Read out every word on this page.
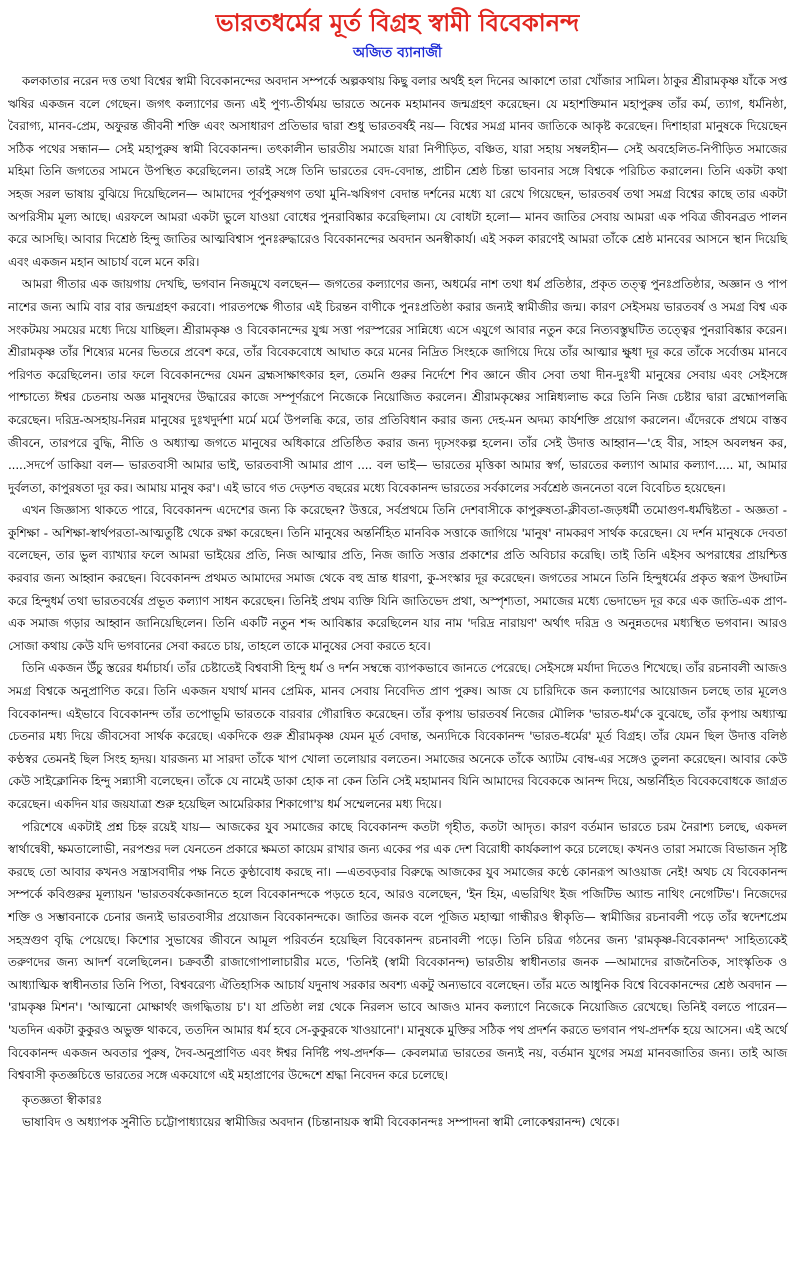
ভারতধর্মের মূর্ত বিগ্রহ স্বামী বিবেকানন্দ
অজিত ব্যানার্জী

কলকাতার নরেন দত্ত তথা বিশ্বের স্বামী বিবেকানন্দের অবদান সম্পর্কে অল্পকথায় কিছু বলার অর্থই হল দিনের আকাশে তারা খোঁজার সামিল। ঠাকুর শ্রীরামকৃষ্ণ যাঁকে সপ্ত ঋষির একজন বলে গেছেন। জগৎ কল্যাণের জন্য এই পুণ্য-তীর্থময় ভারতে অনেক মহামানব জন্মগ্রহণ করেছেন। যে মহাশক্তিমান মহাপুরুষ তাঁর কর্ম, ত্যাগ, ধর্মনিষ্ঠা, বৈরাগ্য, মানব-প্রেম, অফুরন্ত জীবনী শক্তি এবং অসাধারণ প্রতিভার দ্বারা শুধু ভারতবর্ষই নয়— বিশ্বের সমগ্র মানব জাতিকে আকৃষ্ট করেছেন। দিশাহারা মানুষকে দিয়েছেন সঠিক পথের সন্ধান— সেই মহাপুরুষ স্বামী বিবেকানন্দ। তৎকালীন ভারতীয় সমাজে যারা নিপীড়িত, বঞ্চিত, যারা সহায় সম্বলহীন— সেই অবহেলিত-নিপীড়িত সমাজের মহিমা তিনি জগতের সামনে উপস্থিত করেছিলেন। তারই সঙ্গে তিনি ভারতের বেদ-বেদান্ত, প্রাচীন শ্রেষ্ঠ চিন্তা ভাবনার সঙ্গে বিশ্বকে পরিচিত করালেন। তিনি একটা কথা সহজ সরল ভাষায় বুঝিয়ে দিয়েছিলেন— আমাদের পূর্বপুরুষগণ তথা মুনি-ঋষিগণ বেদান্ত দর্শনের মধ্যে যা রেখে গিয়েছেন, ভারতবর্ষ তথা সমগ্র বিশ্বের কাছে তার একটা অপরিসীম মূল্য আছে। এরফলে আমরা একটা ভুলে যাওয়া বোধের পুনরাবিষ্কার করেছিলাম। যে বোধটা হলো— মানব জাতির সেবায় আমরা এক পবিত্র জীবনব্রত পালন করে আসছি। আবার দিশ্রেষ্ঠ হিন্দু জাতির আত্মবিশ্বাস পুনঃরুদ্ধারেও বিবেকানন্দের অবদান অনস্বীকার্য। এই সকল কারণেই আমরা তাঁকে শ্রেষ্ঠ মানবের আসনে স্থান দিয়েছি এবং একজন মহান আচার্য বলে মনে করি।

আমরা গীতার এক জায়গায় দেখছি, ভগবান নিজমুখে বলছেন— জগতের কল্যাণের জন্য, অধর্মের নাশ তথা ধর্ম প্রতিষ্ঠার, প্রকৃত তত্ত্ব পুনঃপ্রতিষ্ঠার, অজ্ঞান ও পাপ নাশের জন্য আমি বার বার জন্মগ্রহণ করবো। পারতপক্ষে গীতার এই চিরন্তন বাণীকে পুনঃপ্রতিষ্ঠা করার জন্যই স্বামীজীর জন্ম। কারণ সেইসময় ভারতবর্ষ ও সমগ্র বিশ্ব এক সংকটময় সময়ের মধ্যে দিয়ে যাচ্ছিল। শ্রীরামকৃষ্ণ ও বিবেকানন্দের যুগ্ম সত্তা পরস্পরের সান্নিধ্যে এসে এযুগে আবার নতুন করে নিত্যবস্তুঘটিত তত্ত্বের পুনরাবিষ্কার করেন। শ্রীরামকৃষ্ণ তাঁর শিষ্যের মনের ভিতরে প্রবেশ করে, তাঁর বিবেকবোধে আঘাত করে মনের নিদ্রিত সিংহকে জাগিয়ে দিয়ে তাঁর আত্মার ক্ষুধা দূর করে তাঁকে সর্বোত্তম মানবে পরিণত করেছিলেন। তার ফলে বিবেকানন্দের যেমন ব্রহ্মসাক্ষাৎকার হল, তেমনি গুরুর নির্দেশে শিব জ্ঞানে জীব সেবা তথা দীন-দুঃখী মানুষের সেবায় এবং সেইসঙ্গে পাশ্চাত্যে ঈশ্বর চেতনায় অজ্ঞ মানুষদের উদ্ধারের কাজে সম্পূর্ণরূপে নিজেকে নিয়োজিত করলেন। শ্রীরামকৃষ্ণের সান্নিধ্যলাভ করে তিনি নিজ চেষ্টার দ্বারা ব্রহ্মোপলব্ধি করেছেন। দরিদ্র-অসহায়-নিরন্ন মানুষের দুঃখদুর্দশা মর্মে মর্মে উপলব্ধি করে, তার প্রতিবিধান করার জন্য দেহ-মন অদম্য কার্যশক্তি প্রয়োগ করলেন। এঁদেরকে প্রথমে বাস্তব জীবনে, তারপরে বুদ্ধি, নীতি ও অধ্যাত্ম জগতে মানুষের অধিকারে প্রতিষ্ঠিত করার জন্য দৃঢ়সংকল্প হলেন। তাঁর সেই উদাত্ত আহ্বান—'হে বীর, সাহস অবলম্বন কর, .....সদর্পে ডাকিয়া বল— ভারতবাসী আমার ভাই, ভারতবাসী আমার প্রাণ .... বল ভাই— ভারতের মৃত্তিকা আমার স্বর্গ, ভারতের কল্যাণ আমার কল্যাণ..... মা, আমার দুর্বলতা, কাপুরষতা দূর কর। আমায় মানুষ কর'। এই ভাবে গত দেড়শত বছরের মধ্যে বিবেকানন্দ ভারতের সর্বকালের সর্বশ্রেষ্ঠ জননেতা বলে বিবেচিত হয়েছেন।

এখন জিজ্ঞাস্য থাকতে পারে, বিবেকানন্দ এদেশের জন্য কি করেছেন? উত্তরে, সর্বপ্রথমে তিনি দেশবাসীকে কাপুরুষতা-ক্লীবতা-জড়ধর্মী তমোগুণ-ধর্মদ্বিষ্টতা - অজ্ঞতা - কুশিক্ষা - অশিক্ষা-স্বার্থপরতা-আত্মতুষ্টি থেকে রক্ষা করেছেন। তিনি মানুষের অন্তর্নিহিত মানবিক সত্তাকে জাগিয়ে 'মানুষ' নামকরণ সার্থক করেছেন। যে দর্শন মানুষকে দেবতা বলেছেন, তার ভুল ব্যাখ্যার ফলে আমরা ভাইয়ের প্রতি, নিজ আত্মার প্রতি, নিজ জাতি সত্তার প্রকাশের প্রতি অবিচার করেছি। তাই তিনি এইসব অপরাধের প্রায়শ্চিত্ত করবার জন্য আহ্বান করছেন। বিবেকানন্দ প্রথমত আমাদের সমাজ থেকে বহু ভ্রান্ত ধারণা, কু-সংস্কার দূর করেছেন। জগতের সামনে তিনি হিন্দুধর্মের প্রকৃত স্বরূপ উদ্ঘাটন করে হিন্দুধর্ম তথা ভারতবর্ষের প্রভূত কল্যাণ সাধন করেছেন। তিনিই প্রথম ব্যক্তি যিনি জাতিভেদ প্রথা, অস্পৃশ্যতা, সমাজের মধ্যে ভেদাভেদ দূর করে এক জাতি-এক প্রাণ-এক সমাজ গড়ার আহ্বান জানিয়েছিলেন। তিনি একটি নতুন শব্দ আবিষ্কার করেছিলেন যার নাম 'দরিদ্র নারায়ণ' অর্থাৎ দরিদ্র ও অনুন্নতদের মধ্যস্থিত ভগবান। আরও সোজা কথায় কেউ যদি ভগবানের সেবা করতে চায়, তাহলে তাকে মানুষের সেবা করতে হবে।

তিনি একজন উঁচু স্তরের ধর্মাচার্য। তাঁর চেষ্টাতেই বিশ্ববাসী হিন্দু ধর্ম ও দর্শন সম্বন্ধে ব্যাপকভাবে জানতে পেরেছে। সেইসঙ্গে মর্যাদা দিতেও শিখেছে। তাঁর রচনাবলী আজও সমগ্র বিশ্বকে অনুপ্রাণিত করে। তিনি একজন যথার্থ মানব প্রেমিক, মানব সেবায় নিবেদিত প্রাণ পুরুষ। আজ যে চারিদিকে জন কল্যাণের আয়োজন চলছে তার মূলেও বিবেকানন্দ। এইভাবে বিবেকানন্দ তাঁর তপোভূমি ভারতকে বারবার গৌরান্বিত করেছেন। তাঁর কৃপায় ভারতবর্ষ নিজের মৌলিক 'ভারত-ধর্ম'কে বুঝেছে, তাঁর কৃপায় অধ্যাত্ম চেতনার মধ্য দিয়ে জীবসেবা সার্থক করেছে। একদিকে গুরু শ্রীরামকৃষ্ণ যেমন মূর্ত বেদান্ত, অন্যদিকে বিবেকানন্দ 'ভারত-ধর্মের' মূর্ত বিগ্রহ। তাঁর যেমন ছিল উদাত্ত বলিষ্ঠ কণ্ঠস্বর তেমনই ছিল সিংহ হৃদয়। যারজন্য মা সারদা তাঁকে খাপ খোলা তলোয়ার বলতেন। সমাজের অনেকে তাঁকে অ্যাটম বোম্ব-এর সঙ্গেও তুলনা করেছেন। আবার কেউ কেউ সাইক্লোনিক হিন্দু সন্ন্যাসী বলেছেন। তাঁকে যে নামেই ডাকা হোক না কেন তিনি সেই মহামানব যিনি আমাদের বিবেককে আনন্দ দিয়ে, অন্তর্নিহিত বিবেকবোধকে জাগ্রত করেছেন। একদিন যার জয়যাত্রা শুরু হয়েছিল আমেরিকার শিকাগো'য় ধর্ম সম্মেলনের মধ্য দিয়ে।

পরিশেষে একটাই প্রশ্ন চিহ্ন রয়েই যায়— আজকের যুব সমাজের কাছে বিবেকানন্দ কতটা গৃহীত, কতটা আদৃত। কারণ বর্তমান ভারতে চরম নৈরাশ্য চলছে, একদল স্বার্থান্বেষী, ক্ষমতালোভী, নরপশুর দল যেনতেন প্রকারে ক্ষমতা কায়েম রাখার জন্য একের পর এক দেশ বিরোধী কার্যকলাপ করে চলেছে। কখনও তারা সমাজে বিভাজন সৃষ্টি করছে তো আবার কখনও সন্ত্রাসবাদীর পক্ষ নিতে কুণ্ঠাবোধ করছে না। —এতবড়বার বিরুদ্ধে আজকের যুব সমাজের কণ্ঠে কোনরূপ আওয়াজ নেই! অথচ যে বিবেকানন্দ সম্পর্কে কবিগুরুর মূল্যায়ন 'ভারতবর্ষকেজানতে হলে বিবেকানন্দকে পড়তে হবে, আরও বলেছেন, 'ইন হিম, এভরিথিং ইজ পজিটিভ অ্যান্ড নাথিং নেগেটিভ'। নিজেদের শক্তি ও সম্ভাবনাকে চেনার জন্যই ভারতবাসীর প্রয়োজন বিবেকানন্দকে। জাতির জনক বলে পূজিত মহাত্মা গান্ধীরও স্বীকৃতি— স্বামীজির রচনাবলী পড়ে তাঁর স্বদেশপ্রেম সহস্রগুণ বৃদ্ধি পেয়েছে। কিশোর সুভাষের জীবনে আমূল পরিবর্তন হয়েছিল বিবেকানন্দ রচনাবলী পড়ে। তিনি চরিত্র গঠনের জন্য 'রামকৃষ্ণ-বিবেকানন্দ' সাহিত্যকেই তরুণদের জন্য আদর্শ বলেছিলেন। চক্রবর্তী রাজাগোপালাচারীর মতে, 'তিনিই (স্বামী বিবেকানন্দ) ভারতীয় স্বাধীনতার জনক —আমাদের রাজনৈতিক, সাংস্কৃতিক ও আধ্যাত্মিক স্বাধীনতার তিনি পিতা, বিশ্ববরেণ্য ঐতিহাসিক আচার্য যদুনাথ সরকার অবশ্য একটু অন্যভাবে বলেছেন। তাঁর মতে আধুনিক বিশ্বে বিবেকানন্দের শ্রেষ্ঠ অবদান — 'রামকৃষ্ণ মিশন'। 'আত্মনো মোক্ষার্থং জগদ্ধিতায় চ'। যা প্রতিষ্ঠা লগ্ন থেকে নিরলস ভাবে আজও মানব কল্যাণে নিজেকে নিয়োজিত রেখেছে। তিনিই বলতে পারেন— 'যতদিন একটা কুকুরও অভুক্ত থাকবে, ততদিন আমার ধর্ম হবে সে-কুকুরকে খাওয়ানো'। মানুষকে মুক্তির সঠিক পথ প্রদর্শন করতে ভগবান পথ-প্রদর্শক হয়ে আসেন। এই অর্থে বিবেকানন্দ একজন অবতার পুরুষ, দৈব-অনুপ্রাণিত এবং ঈশ্বর নির্দিষ্ট পথ-প্রদর্শক— কেবলমাত্র ভারতের জন্যই নয়, বর্তমান যুগের সমগ্র মানবজাতির জন্য। তাই আজ বিশ্ববাসী কৃতজ্ঞচিত্তে ভারতের সঙ্গে একযোগে এই মহাপ্রাণের উদ্দেশে শ্রদ্ধা নিবেদন করে চলেছে।

কৃতজ্ঞতা স্বীকারঃ
ভাষাবিদ ও অধ্যাপক সুনীতি চট্টোপাধ্যায়ের স্বামীজির অবদান (চিন্তানায়ক স্বামী বিবেকানন্দঃ সম্পাদনা স্বামী লোকেশ্বরানন্দ) থেকে।
